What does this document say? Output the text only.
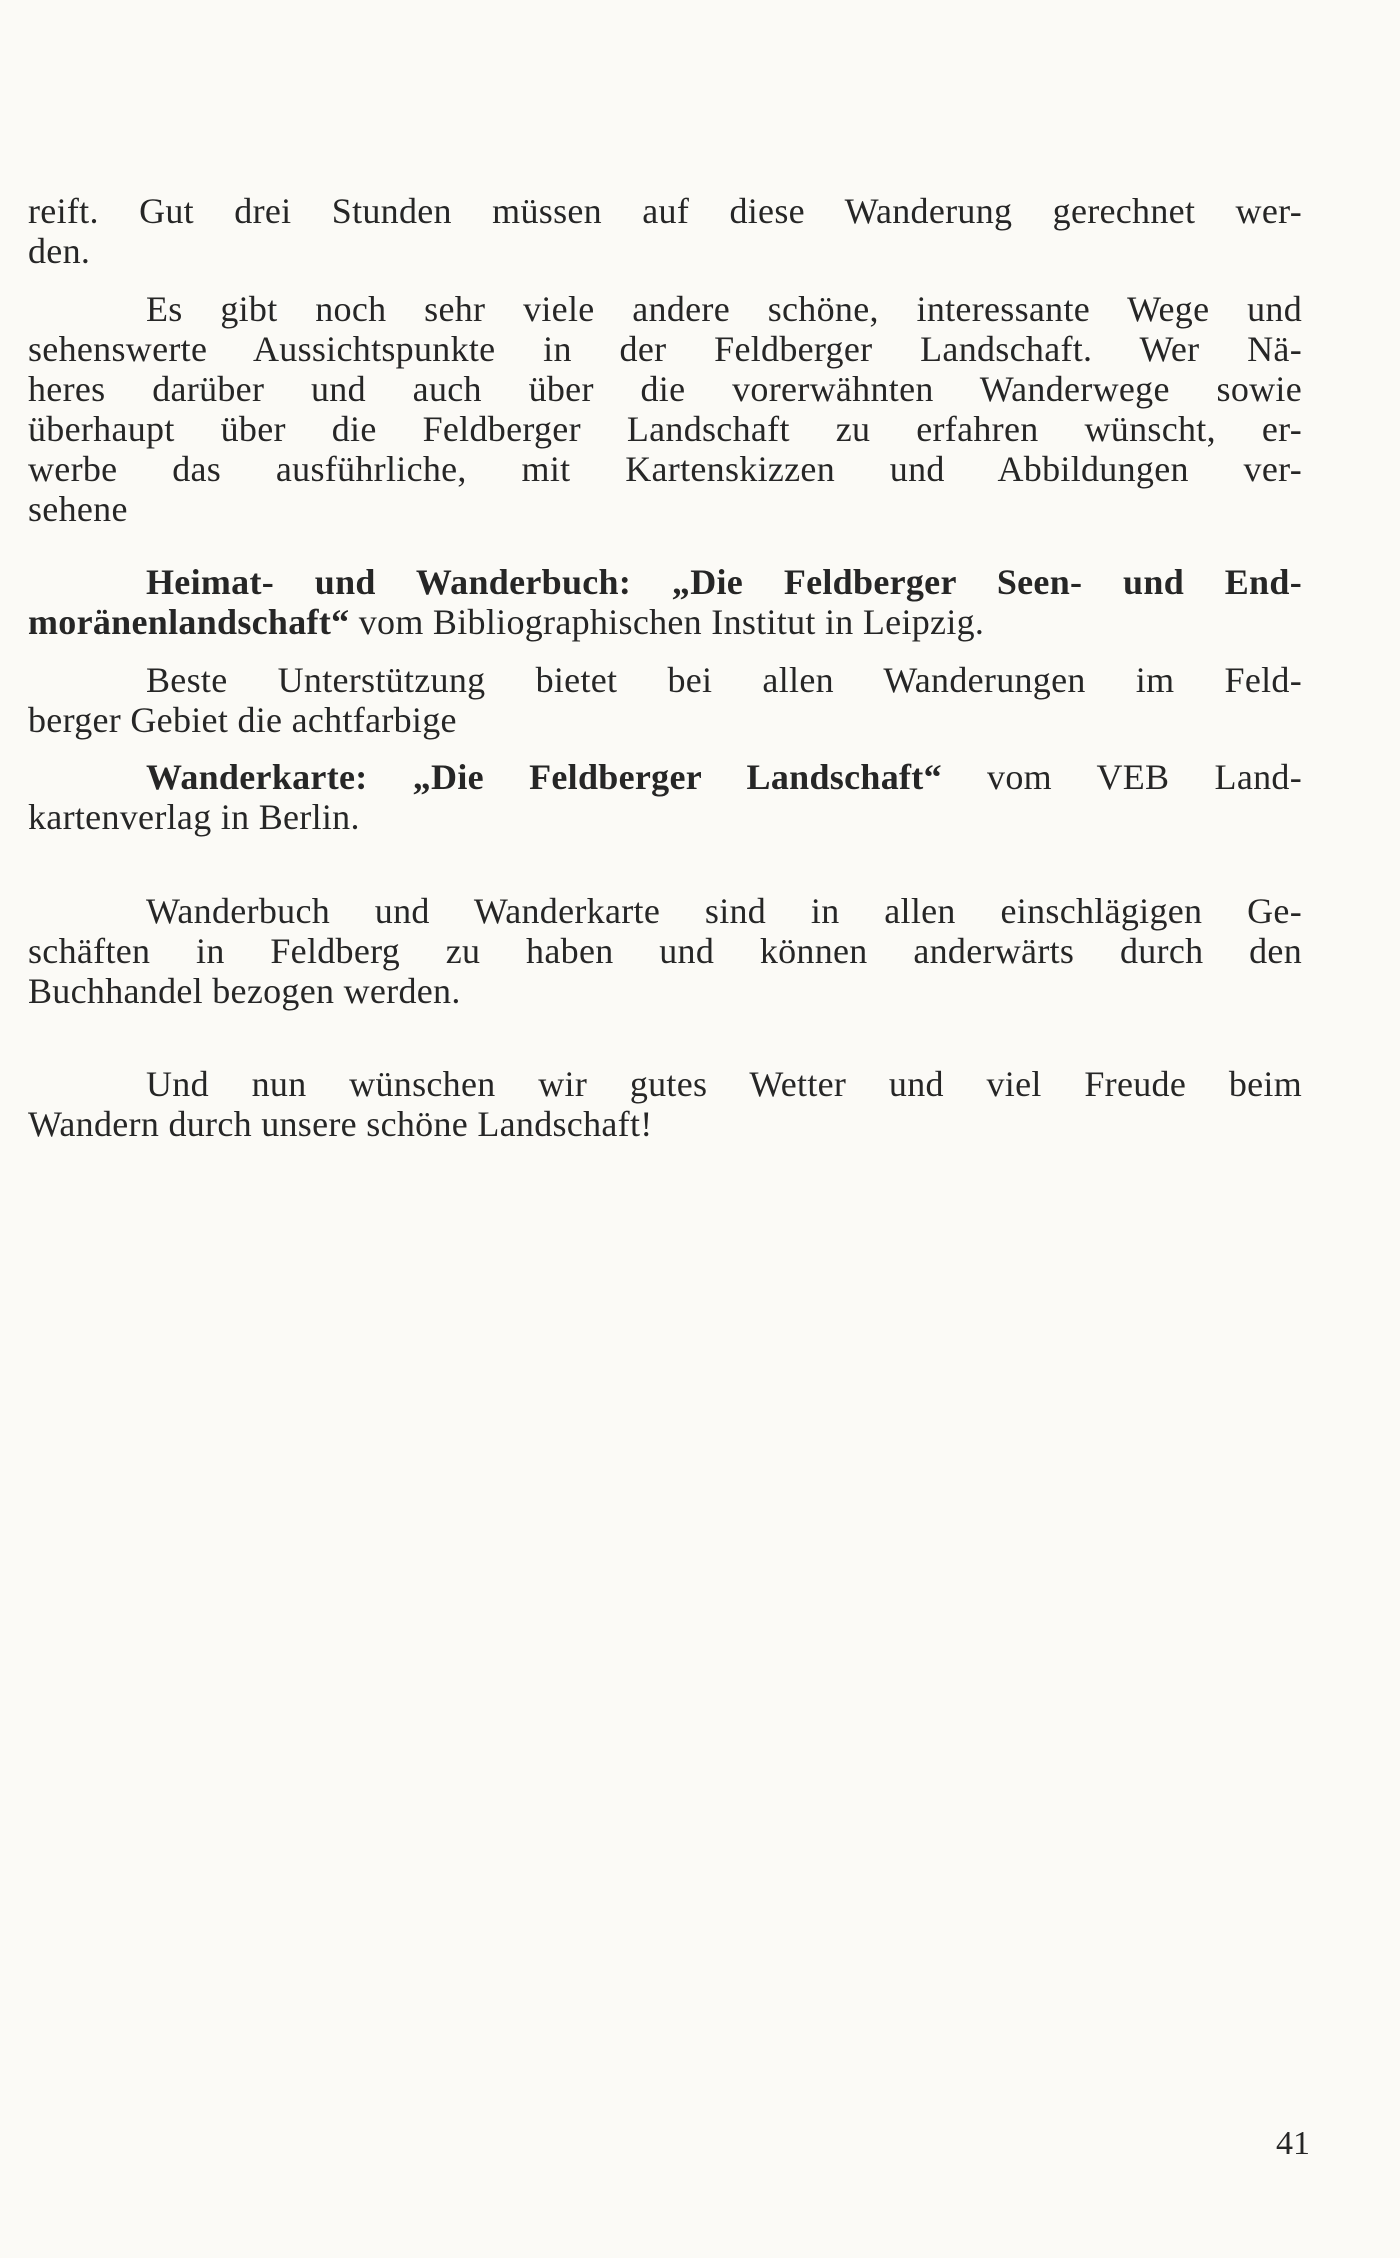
reift. Gut drei Stunden müssen auf diese Wanderung gerechnet wer-
den.
Es gibt noch sehr viele andere schöne, interessante Wege und
sehenswerte Aussichtspunkte in der Feldberger Landschaft. Wer Nä-
heres darüber und auch über die vorerwähnten Wanderwege sowie
überhaupt über die Feldberger Landschaft zu erfahren wünscht, er-
werbe das ausführliche, mit Kartenskizzen und Abbildungen ver-
sehene
Heimat- und Wanderbuch: „Die Feldberger Seen- und End-
moränenlandschaft“ vom Bibliographischen Institut in Leipzig.
Beste Unterstützung bietet bei allen Wanderungen im Feld-
berger Gebiet die achtfarbige
Wanderkarte: „Die Feldberger Landschaft“ vom VEB Land-
kartenverlag in Berlin.
Wanderbuch und Wanderkarte sind in allen einschlägigen Ge-
schäften in Feldberg zu haben und können anderwärts durch den
Buchhandel bezogen werden.
Und nun wünschen wir gutes Wetter und viel Freude beim
Wandern durch unsere schöne Landschaft!
41
